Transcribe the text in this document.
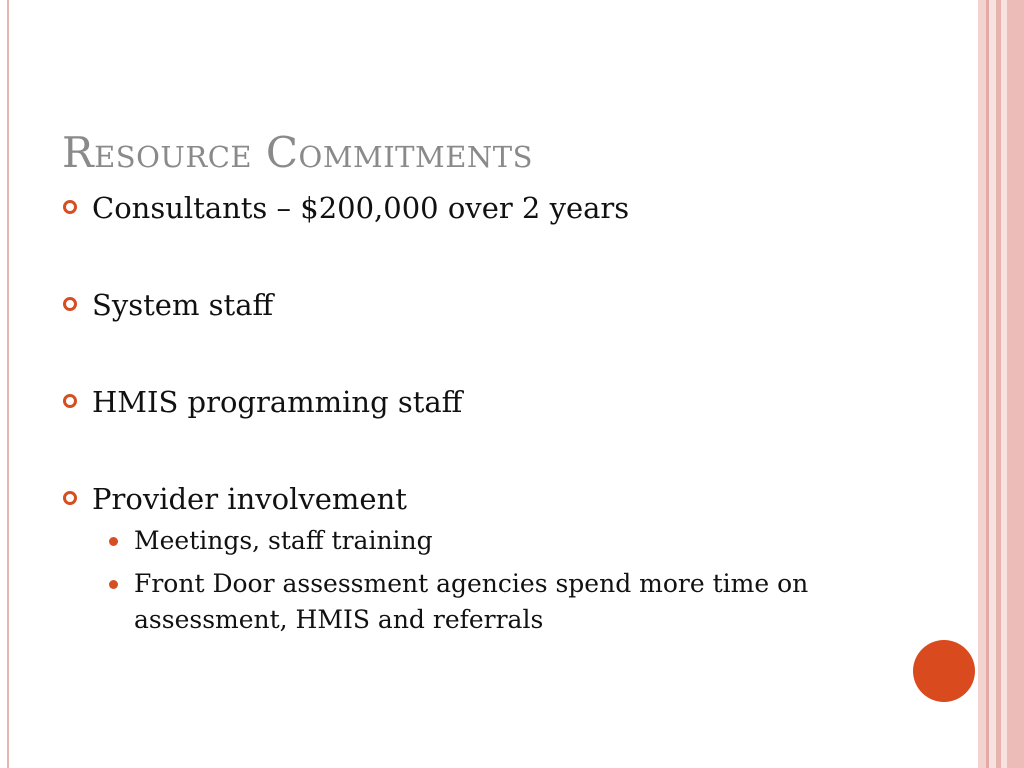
Resource Commitments
Consultants – $200,000 over 2 years
System staff
HMIS programming staff
Provider involvement
Meetings, staff training
Front Door assessment agencies spend more time on assessment, HMIS and referrals
